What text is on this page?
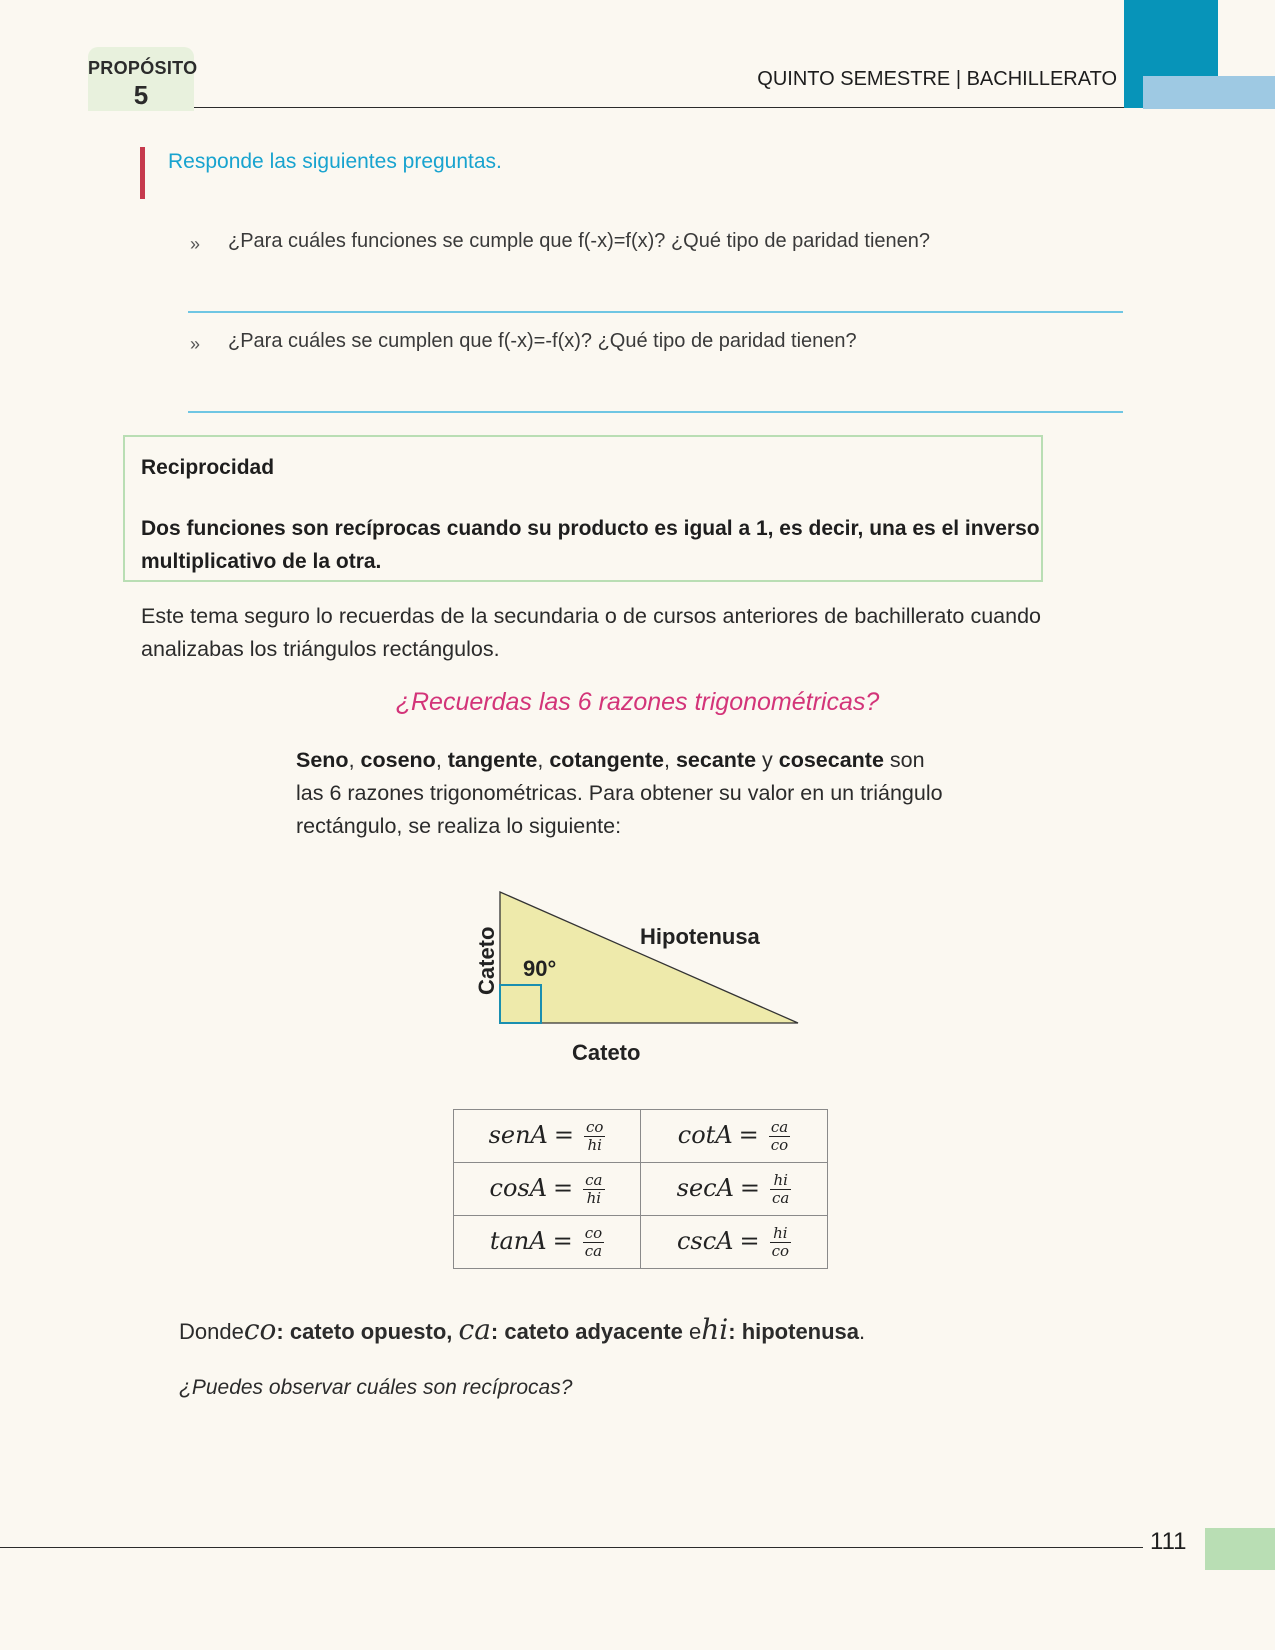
PROPÓSITO
5
QUINTO SEMESTRE | BACHILLERATO
Responde las siguientes preguntas.
» ¿Para cuáles funciones se cumple que f(-x)=f(x)? ¿Qué tipo de paridad tienen?
» ¿Para cuáles se cumplen que f(-x)=-f(x)? ¿Qué tipo de paridad tienen?
Reciprocidad
Dos funciones son recíprocas cuando su producto es igual a 1, es decir, una es el inverso multiplicativo de la otra.
Este tema seguro lo recuerdas de la secundaria o de cursos anteriores de bachillerato cuando analizabas los triángulos rectángulos.
¿Recuerdas las 6 razones trigonométricas?
Seno, coseno, tangente, cotangente, secante y cosecante son las 6 razones trigonométricas. Para obtener su valor en un triángulo rectángulo, se realiza lo siguiente:
90°
Hipotenusa
Cateto
Cateto
senA = $\frac{co}{hi}$	$\cot A = \frac{ca}{co}$

$\cos A = \frac{ca}{hi}$	$\sec A = \frac{hi}{ca}$

$\tan A = \frac{co}{ca}$	$\csc A = \frac{hi}{co}$
Dondeco: cateto opuesto, ca: cateto adyacente ehi: hipotenusa.
¿Puedes observar cuáles son recíprocas?
111
